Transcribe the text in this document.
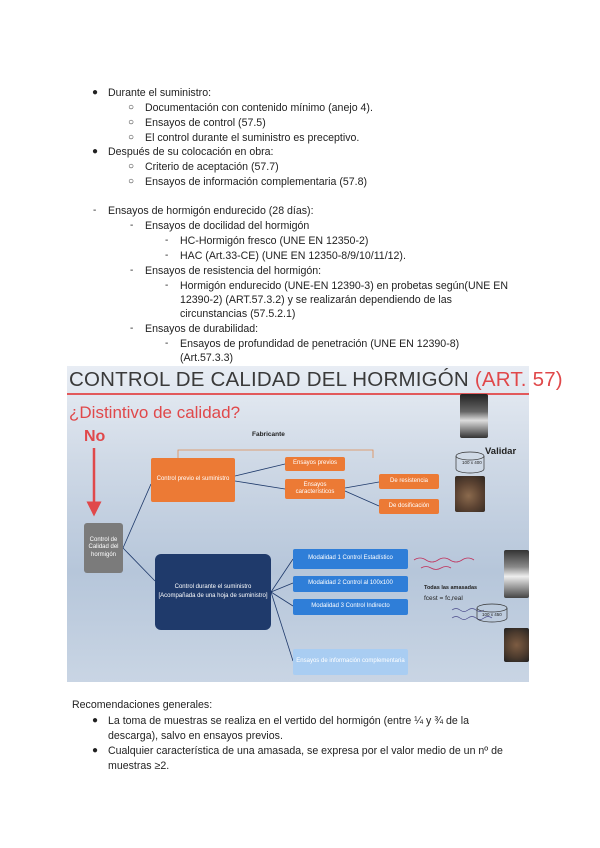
● Durante el suministro:
○ Documentación con contenido mínimo (anejo 4).
○ Ensayos de control (57.5)
○ El control durante el suministro es preceptivo.
● Después de su colocación en obra:
○ Criterio de aceptación (57.7)
○ Ensayos de información complementaria (57.8)
- Ensayos de hormigón endurecido (28 días):
- Ensayos de docilidad del hormigón
- HC-Hormigón fresco (UNE EN 12350-2)
- HAC (Art.33-CE) (UNE EN 12350-8/9/10/11/12).
- Ensayos de resistencia del hormigón:
- Hormigón endurecido (UNE-EN 12390-3) en probetas según(UNE EN
12390-2) (ART.57.3.2) y se realizarán dependiendo de las
circunstancias (57.5.2.1)
- Ensayos de durabilidad:
- Ensayos de profundidad de penetración (UNE EN 12390-8)
(Art.57.3.3)
CONTROL DE CALIDAD DEL HORMIGÓN (ART. 57)
¿Distintivo de calidad?
No	Fabricante
Validar
100 x 400
100 x 450
Control de Calidad del hormigón
Control previo el suministro
Ensayos previos
Ensayos característicos
De resistencia
De dosificación
Control durante el suministro
[Acompañada de una hoja de suministro]
Modalidad 1 Control Estadístico
Modalidad 2 Control al 100x100
Modalidad 3 Control Indirecto
Ensayos de información complementaria
Todas las amasadas
fcest = fc,real
Recomendaciones generales:
● La toma de muestras se realiza en el vertido del hormigón (entre ¼ y ¾ de la
descarga), salvo en ensayos previos.
● Cualquier característica de una amasada, se expresa por el valor medio de un nº de
muestras ≥2.
